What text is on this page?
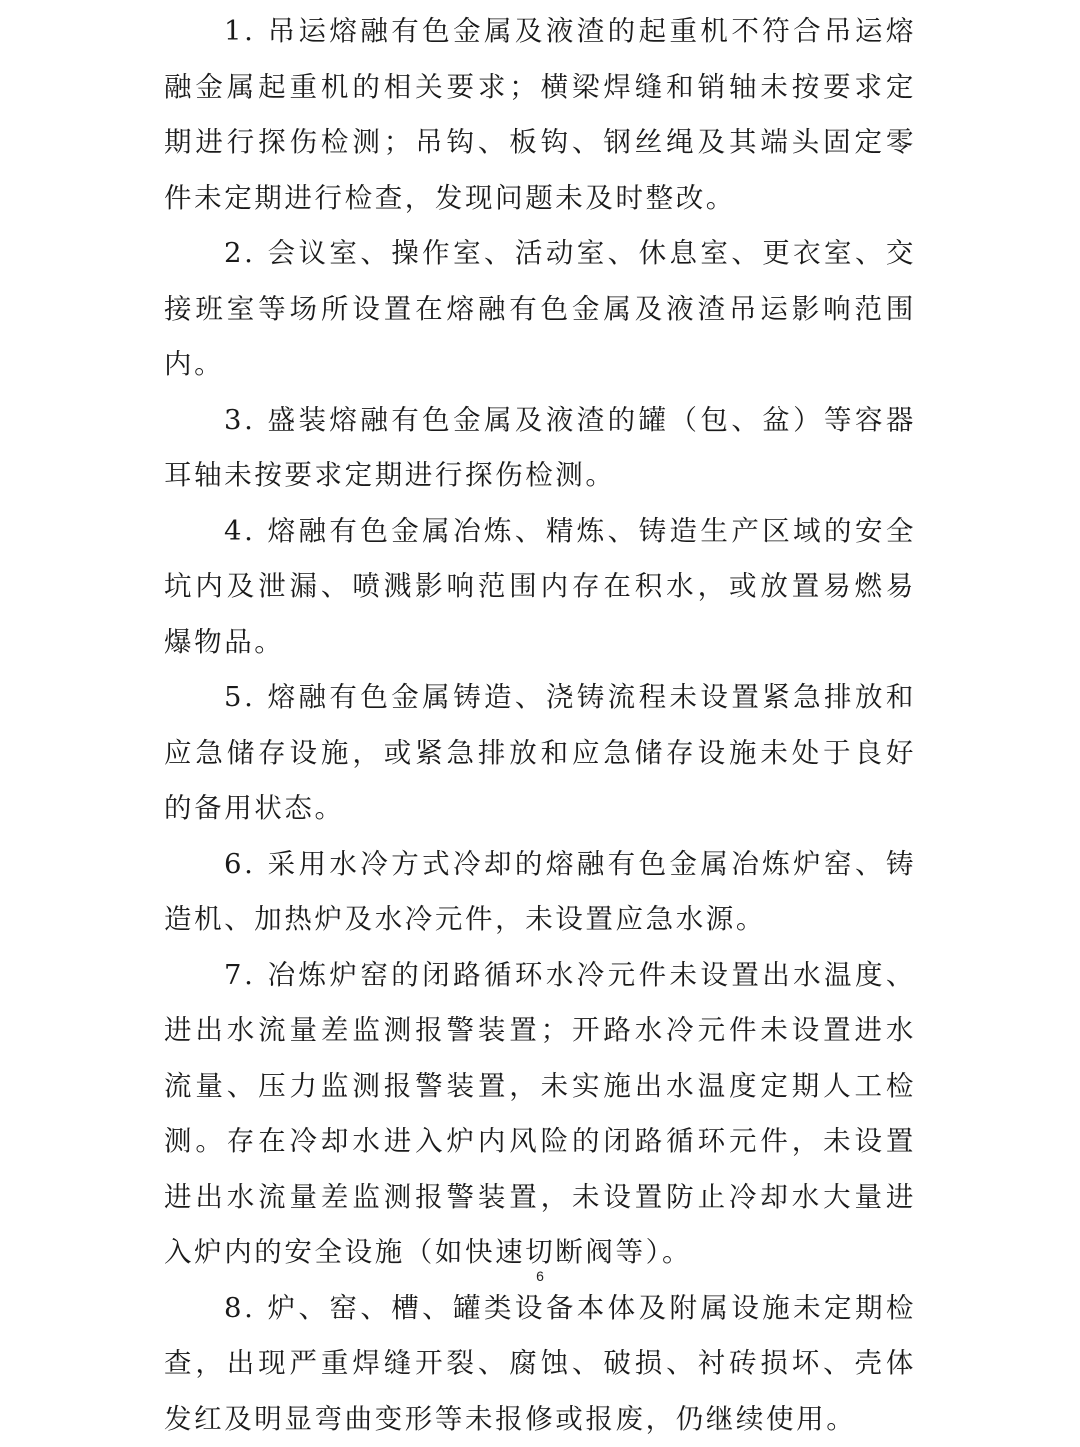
1. 吊运熔融有色金属及液渣的起重机不符合吊运熔融金属起重机的相关要求；横梁焊缝和销轴未按要求定期进行探伤检测；吊钩、板钩、钢丝绳及其端头固定零件未定期进行检查，发现问题未及时整改。

2. 会议室、操作室、活动室、休息室、更衣室、交接班室等场所设置在熔融有色金属及液渣吊运影响范围内。

3. 盛装熔融有色金属及液渣的罐（包、盆）等容器耳轴未按要求定期进行探伤检测。

4. 熔融有色金属冶炼、精炼、铸造生产区域的安全坑内及泄漏、喷溅影响范围内存在积水，或放置易燃易爆物品。

5. 熔融有色金属铸造、浇铸流程未设置紧急排放和应急储存设施，或紧急排放和应急储存设施未处于良好的备用状态。

6. 采用水冷方式冷却的熔融有色金属冶炼炉窑、铸造机、加热炉及水冷元件，未设置应急水源。

7. 冶炼炉窑的闭路循环水冷元件未设置出水温度、进出水流量差监测报警装置；开路水冷元件未设置进水流量、压力监测报警装置，未实施出水温度定期人工检测。存在冷却水进入炉内风险的闭路循环元件，未设置进出水流量差监测报警装置，未设置防止冷却水大量进入炉内的安全设施（如快速切断阀等）。

8. 炉、窑、槽、罐类设备本体及附属设施未定期检查，出现严重焊缝开裂、腐蚀、破损、衬砖损坏、壳体发红及明显弯曲变形等未报修或报废，仍继续使用。

6
